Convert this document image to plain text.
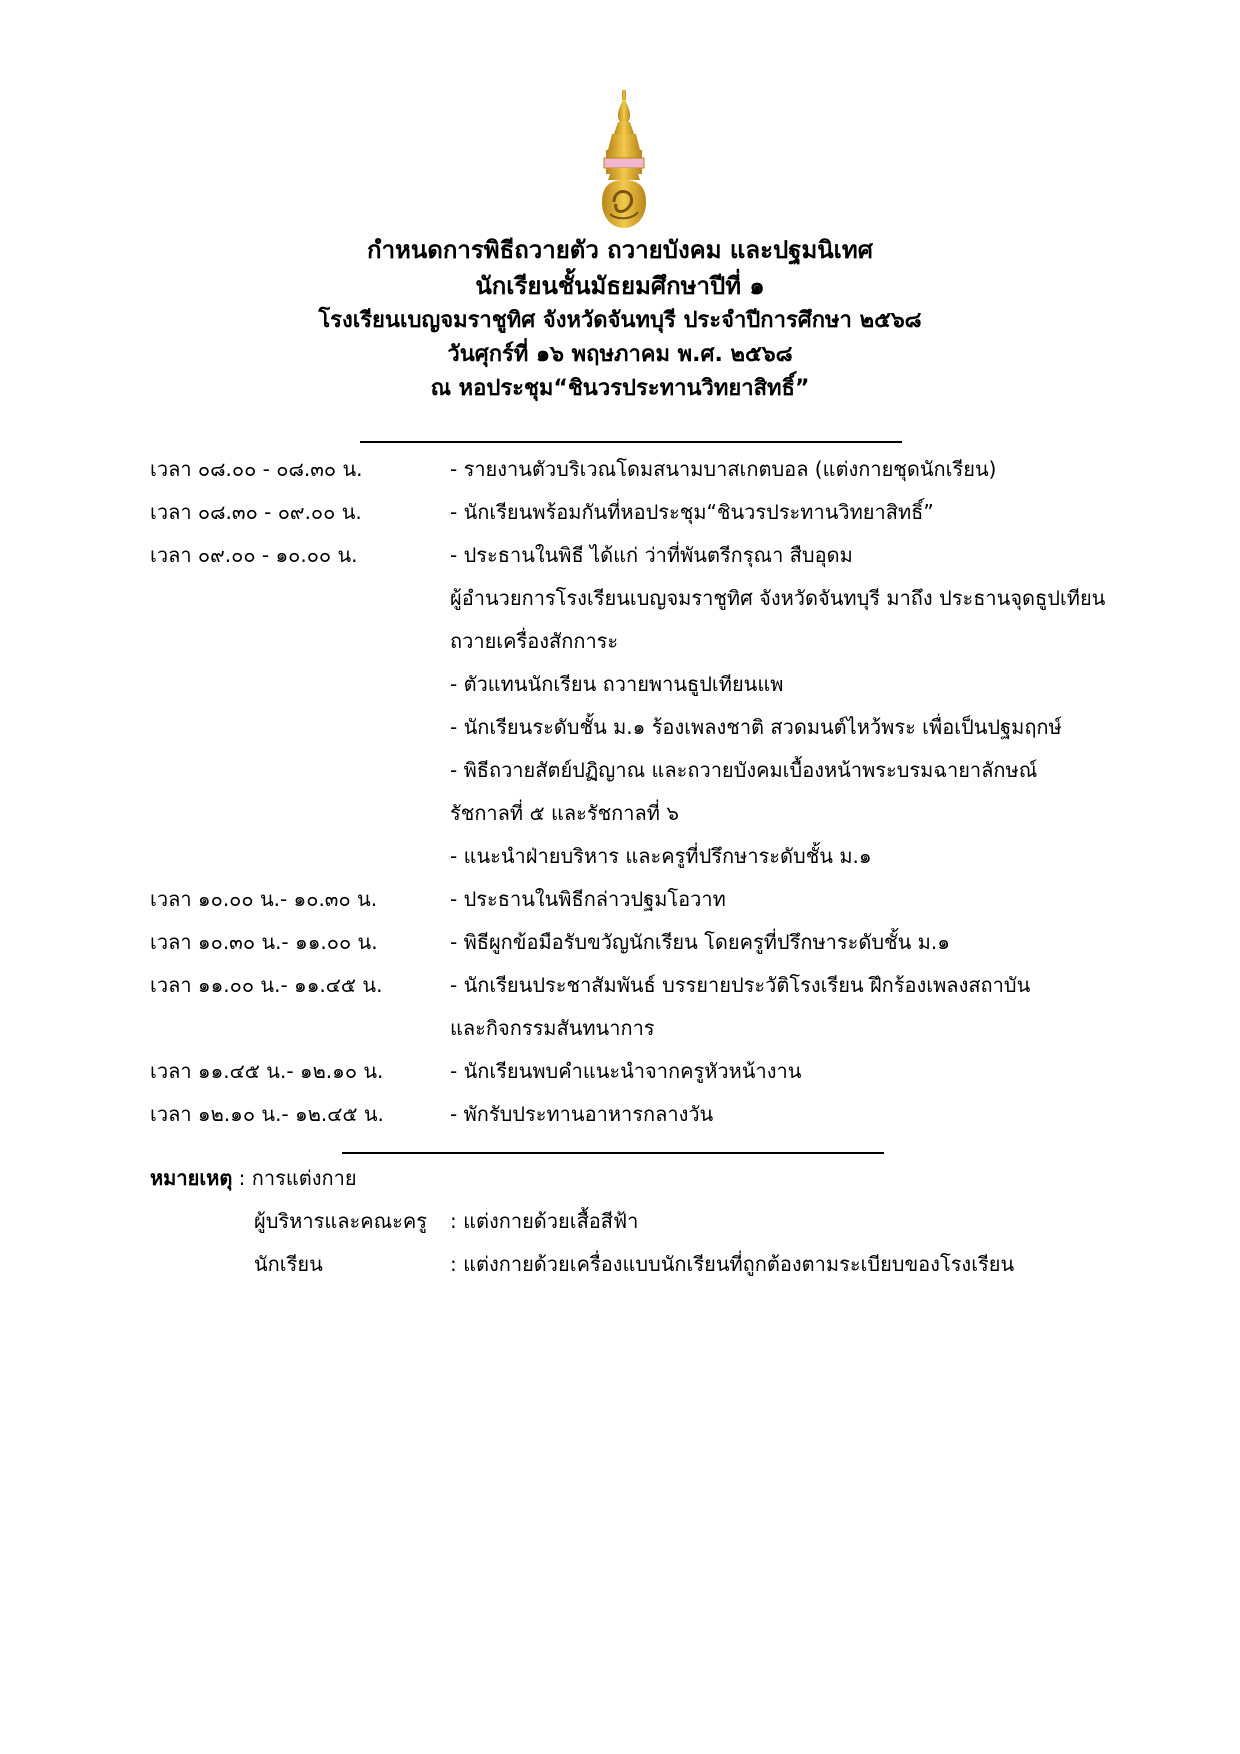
กำหนดการพิธีถวายตัว ถวายบังคม และปฐมนิเทศ
นักเรียนชั้นมัธยมศึกษาปีที่ ๑
โรงเรียนเบญจมราชูทิศ จังหวัดจันทบุรี ประจำปีการศึกษา ๒๕๖๘
วันศุกร์ที่ ๑๖ พฤษภาคม พ.ศ. ๒๕๖๘
ณ หอประชุม“ชินวรประทานวิทยาสิทธิ์”
เวลา ๐๘.๐๐ - ๐๘.๓๐ น.	- รายงานตัวบริเวณโดมสนามบาสเกตบอล (แต่งกายชุดนักเรียน)
เวลา ๐๘.๓๐ - ๐๙.๐๐ น.	- นักเรียนพร้อมกันที่หอประชุม“ชินวรประทานวิทยาสิทธิ์”
เวลา ๐๙.๐๐ - ๑๐.๐๐ น.	- ประธานในพิธี ได้แก่ ว่าที่พันตรีกรุณา สืบอุดม
ผู้อำนวยการโรงเรียนเบญจมราชูทิศ จังหวัดจันทบุรี มาถึง ประธานจุดธูปเทียน
ถวายเครื่องสักการะ
- ตัวแทนนักเรียน ถวายพานธูปเทียนแพ
- นักเรียนระดับชั้น ม.๑ ร้องเพลงชาติ สวดมนต์ไหว้พระ เพื่อเป็นปฐมฤกษ์
- พิธีถวายสัตย์ปฏิญาณ และถวายบังคมเบื้องหน้าพระบรมฉายาลักษณ์
รัชกาลที่ ๕ และรัชกาลที่ ๖
- แนะนำฝ่ายบริหาร และครูที่ปรึกษาระดับชั้น ม.๑
เวลา ๑๐.๐๐ น.- ๑๐.๓๐ น.	- ประธานในพิธีกล่าวปฐมโอวาท
เวลา ๑๐.๓๐ น.- ๑๑.๐๐ น.	- พิธีผูกข้อมือรับขวัญนักเรียน โดยครูที่ปรึกษาระดับชั้น ม.๑
เวลา ๑๑.๐๐ น.- ๑๑.๔๕ น.	- นักเรียนประชาสัมพันธ์ บรรยายประวัติโรงเรียน ฝึกร้องเพลงสถาบัน
และกิจกรรมสันทนาการ
เวลา ๑๑.๔๕ น.- ๑๒.๑๐ น.	- นักเรียนพบคำแนะนำจากครูหัวหน้างาน
เวลา ๑๒.๑๐ น.- ๑๒.๔๕ น.	- พักรับประทานอาหารกลางวัน
หมายเหตุ : การแต่งกาย
ผู้บริหารและคณะครู	: แต่งกายด้วยเสื้อสีฟ้า
นักเรียน	: แต่งกายด้วยเครื่องแบบนักเรียนที่ถูกต้องตามระเบียบของโรงเรียน
